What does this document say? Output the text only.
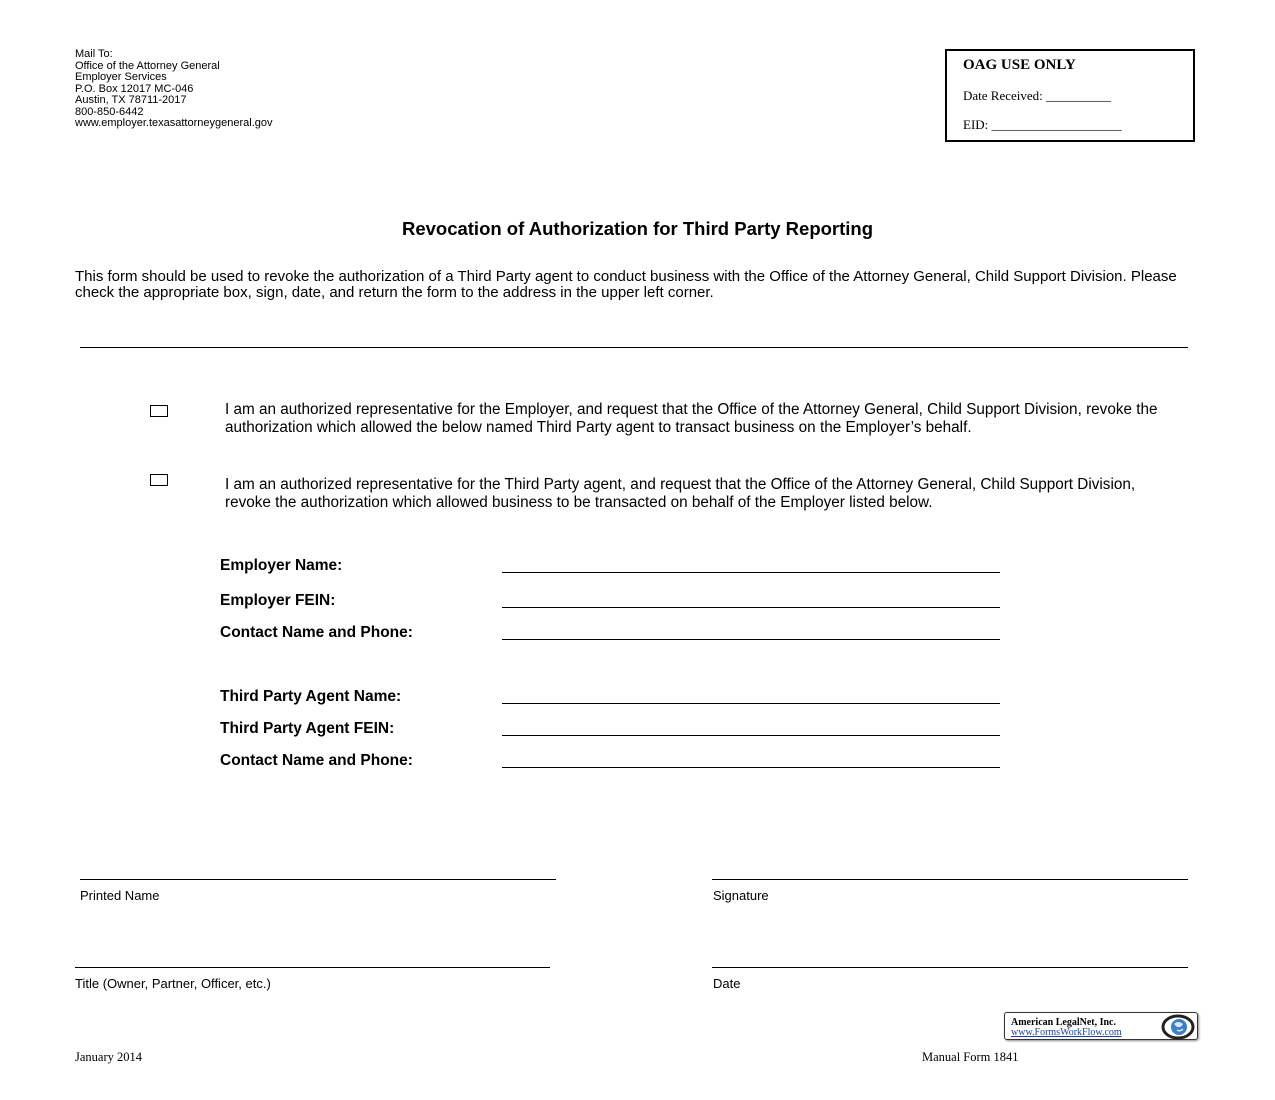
Mail To:
Office of the Attorney General
Employer Services
P.O. Box 12017 MC-046
Austin, TX 78711-2017
800-850-6442
www.employer.texasattorneygeneral.gov
OAG USE ONLY
Date Received: __________
EID: ____________________
Revocation of Authorization for Third Party Reporting
This form should be used to revoke the authorization of a Third Party agent to conduct business with the Office of the Attorney General, Child Support Division. Please check the appropriate box, sign, date, and return the form to the address in the upper left corner.
I am an authorized representative for the Employer, and request that the Office of the Attorney General, Child Support Division, revoke the authorization which allowed the below named Third Party agent to transact business on the Employer’s behalf.
I am an authorized representative for the Third Party agent, and request that the Office of the Attorney General, Child Support Division, revoke the authorization which allowed business to be transacted on behalf of the Employer listed below.
Employer Name:
Employer FEIN:
Contact Name and Phone:
Third Party Agent Name:
Third Party Agent FEIN:
Contact Name and Phone:
Printed Name	Signature
Title (Owner, Partner, Officer, etc.)	Date
American LegalNet, Inc.
www.FormsWorkFlow.com
January 2014	Manual Form 1841
